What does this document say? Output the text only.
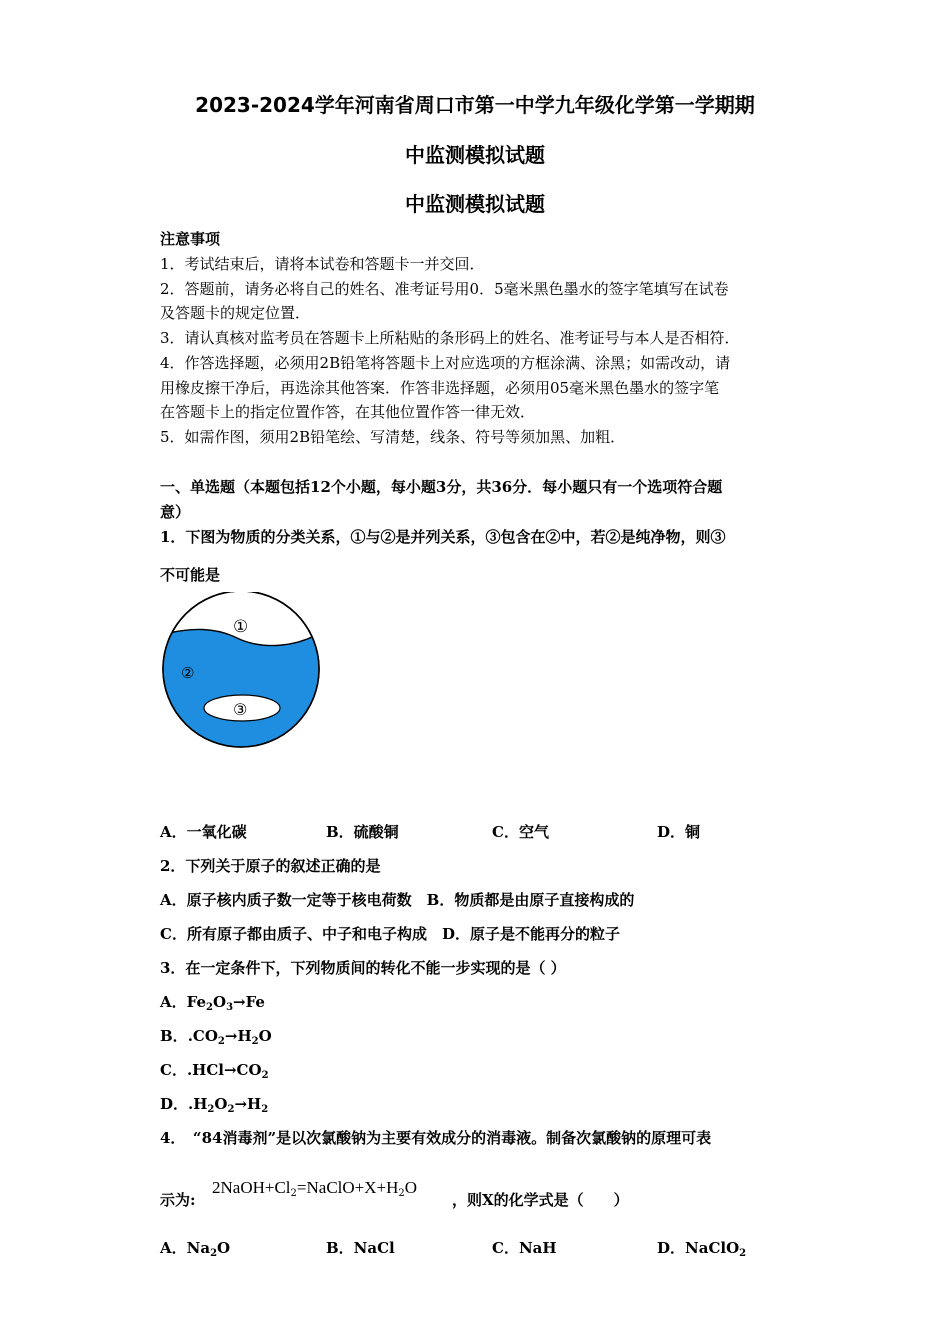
2023-2024学年河南省周口市第一中学九年级化学第一学期期
中监测模拟试题
中监测模拟试题
注意事项
1．考试结束后，请将本试卷和答题卡一并交回．
2．答题前，请务必将自己的姓名、准考证号用0．5毫米黑色墨水的签字笔填写在试卷
及答题卡的规定位置．
3．请认真核对监考员在答题卡上所粘贴的条形码上的姓名、准考证号与本人是否相符．
4．作答选择题，必须用2B铅笔将答题卡上对应选项的方框涂满、涂黑；如需改动，请
用橡皮擦干净后，再选涂其他答案．作答非选择题，必须用05毫米黑色墨水的签字笔
在答题卡上的指定位置作答，在其他位置作答一律无效．
5．如需作图，须用2B铅笔绘、写清楚，线条、符号等须加黑、加粗．
一、单选题（本题包括12个小题，每小题3分，共36分．每小题只有一个选项符合题
意）
1．下图为物质的分类关系，①与②是并列关系，③包含在②中，若②是纯净物，则③
不可能是
①
②
③
A．一氧化碳	B．硫酸铜	C．空气	D．铜
2．下列关于原子的叙述正确的是
A．原子核内质子数一定等于核电荷数　B．物质都是由原子直接构成的
C．所有原子都由质子、中子和电子构成　D．原子是不能再分的粒子
3．在一定条件下，下列物质间的转化不能一步实现的是（ ）
A．$Fe_2O_3\to Fe$
B．$.CO_2\to H_2O$
C．$.HCl\to CO_2$
D．$.H_2O_2\to H_2$
4．　“84消毒剂”是以次氯酸钠为主要有效成分的消毒液。制备次氯酸钠的原理可表
示为:
$2NaOH+Cl_2=NaClO+X+H_2O$
，则X的化学式是（　　）
A．$Na_2O$	B．NaCl	C．NaH	D．NaClO$_2$
